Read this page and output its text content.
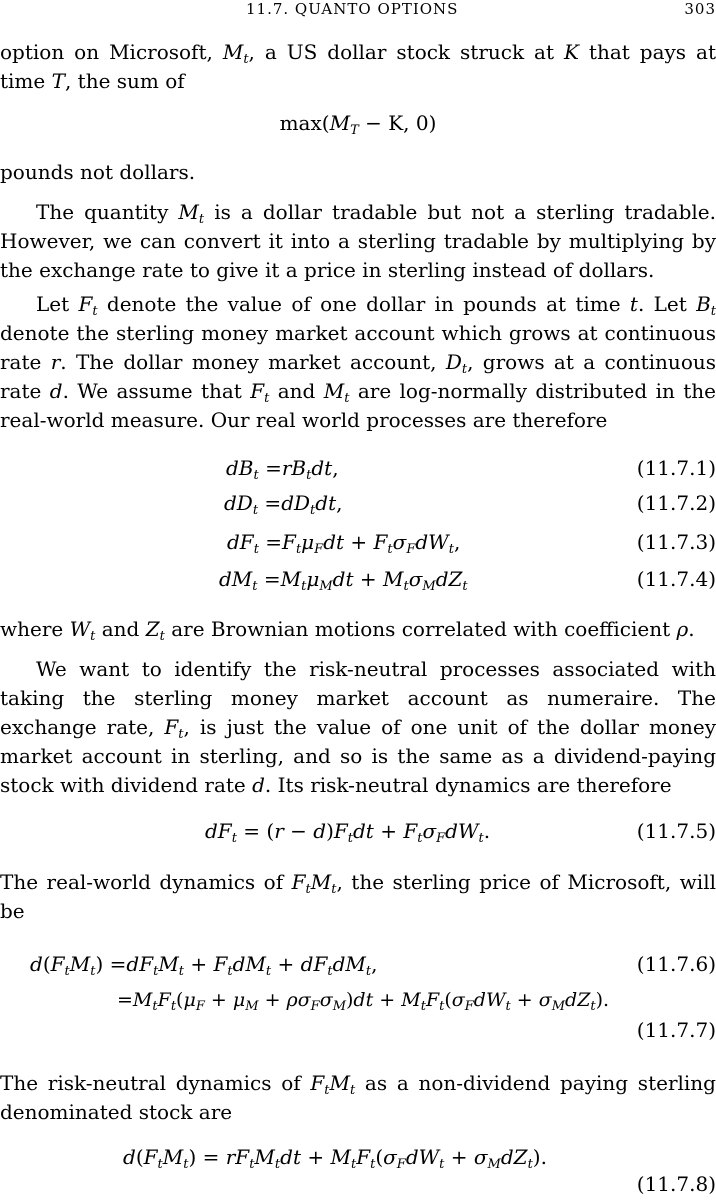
11.7. QUANTO OPTIONS	303

option on Microsoft, $M_t$, a US dollar stock struck at K that pays at time T, the sum of

$\max(M_T - K$, 0)

pounds not dollars.

The quantity $M_t$ is a dollar tradable but not a sterling tradable. However, we can convert it into a sterling tradable by multiplying by the exchange rate to give it a price in sterling instead of dollars.

Let $F_t$ denote the value of one dollar in pounds at time t. Let $B_t$ denote the sterling money market account which grows at continuous rate r. The dollar money market account, $D_t$, grows at a continuous rate d. We assume that $F_t$ and $M_t$ are log-normally distributed in the real-world measure. Our real world processes are therefore

$dB_t =rB_tdt$,	(11.7.1)
$dD_t =dD_tdt$,	(11.7.2)
$dF_t =F_t\mu_Fdt + F_t\sigma_FdW_t$,	(11.7.3)
$dM_t =M_t\mu_Mdt + M_t\sigma_MdZ_t$	(11.7.4)

where $W_t$ and $Z_t$ are Brownian motions correlated with coefficient ρ.

We want to identify the risk-neutral processes associated with taking the sterling money market account as numeraire. The exchange rate, $F_t$, is just the value of one unit of the dollar money market account in sterling, and so is the same as a dividend-paying stock with dividend rate d. Its risk-neutral dynamics are therefore

$dF_t = (r - d)F_tdt + F_t\sigma_FdW_t$.	(11.7.5)

The real-world dynamics of $F_tM_t$, the sterling price of Microsoft, will be

$d(F_tM_t) =dF_tM_t + F_tdM_t + dF_tdM_t$,	(11.7.6)
$=M_tF_t(\mu_F + \mu_M + \rho\sigma_F\sigma_M)dt + M_tF_t(\sigma_FdW_t + \sigma_MdZ_t)$.
(11.7.7)

The risk-neutral dynamics of $F_tM_t$ as a non-dividend paying sterling denominated stock are

$d(F_tM_t) = rF_tM_tdt + M_tF_t(\sigma_FdW_t + \sigma_MdZ_t)$.
(11.7.8)
